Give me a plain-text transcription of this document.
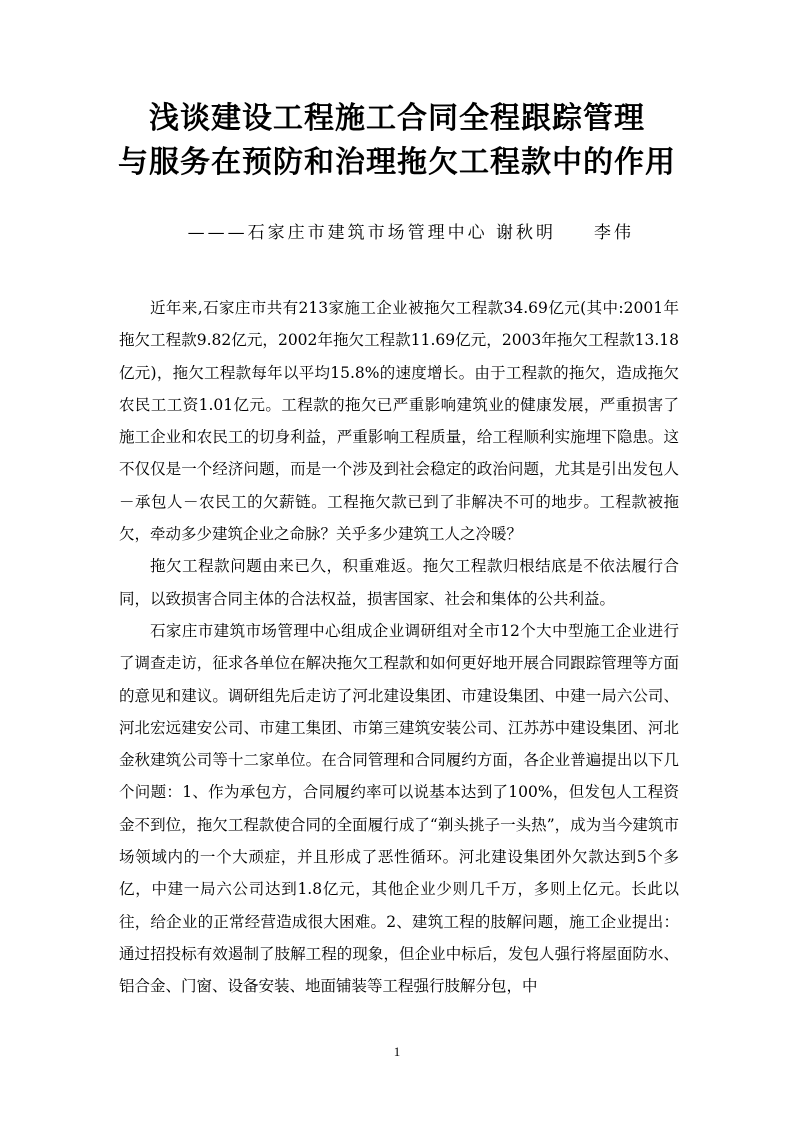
浅谈建设工程施工合同全程跟踪管理
与服务在预防和治理拖欠工程款中的作用
———石家庄市建筑市场管理中心 谢秋明 李伟

近年来,石家庄市共有213家施工企业被拖欠工程款34.69亿元(其中:2001年拖欠工程款9.82亿元，2002年拖欠工程款11.69亿元，2003年拖欠工程款13.18亿元)，拖欠工程款每年以平均15.8%的速度增长。由于工程款的拖欠，造成拖欠农民工工资1.01亿元。工程款的拖欠已严重影响建筑业的健康发展，严重损害了施工企业和农民工的切身利益，严重影响工程质量，给工程顺利实施埋下隐患。这不仅仅是一个经济问题，而是一个涉及到社会稳定的政治问题，尤其是引出发包人－承包人－农民工的欠薪链。工程拖欠款已到了非解决不可的地步。工程款被拖欠，牵动多少建筑企业之命脉？关乎多少建筑工人之冷暖？

拖欠工程款问题由来已久，积重难返。拖欠工程款归根结底是不依法履行合同，以致损害合同主体的合法权益，损害国家、社会和集体的公共利益。

石家庄市建筑市场管理中心组成企业调研组对全市12个大中型施工企业进行了调查走访，征求各单位在解决拖欠工程款和如何更好地开展合同跟踪管理等方面的意见和建议。调研组先后走访了河北建设集团、市建设集团、中建一局六公司、河北宏远建安公司、市建工集团、市第三建筑安装公司、江苏苏中建设集团、河北金秋建筑公司等十二家单位。在合同管理和合同履约方面，各企业普遍提出以下几个问题：1、作为承包方，合同履约率可以说基本达到了100%，但发包人工程资金不到位，拖欠工程款使合同的全面履行成了“剃头挑子一头热”，成为当今建筑市场领域内的一个大顽症，并且形成了恶性循环。河北建设集团外欠款达到5个多亿，中建一局六公司达到1.8亿元，其他企业少则几千万，多则上亿元。长此以往，给企业的正常经营造成很大困难。2、建筑工程的肢解问题，施工企业提出：通过招投标有效遏制了肢解工程的现象，但企业中标后，发包人强行将屋面防水、铝合金、门窗、设备安装、地面铺装等工程强行肢解分包，中

1
